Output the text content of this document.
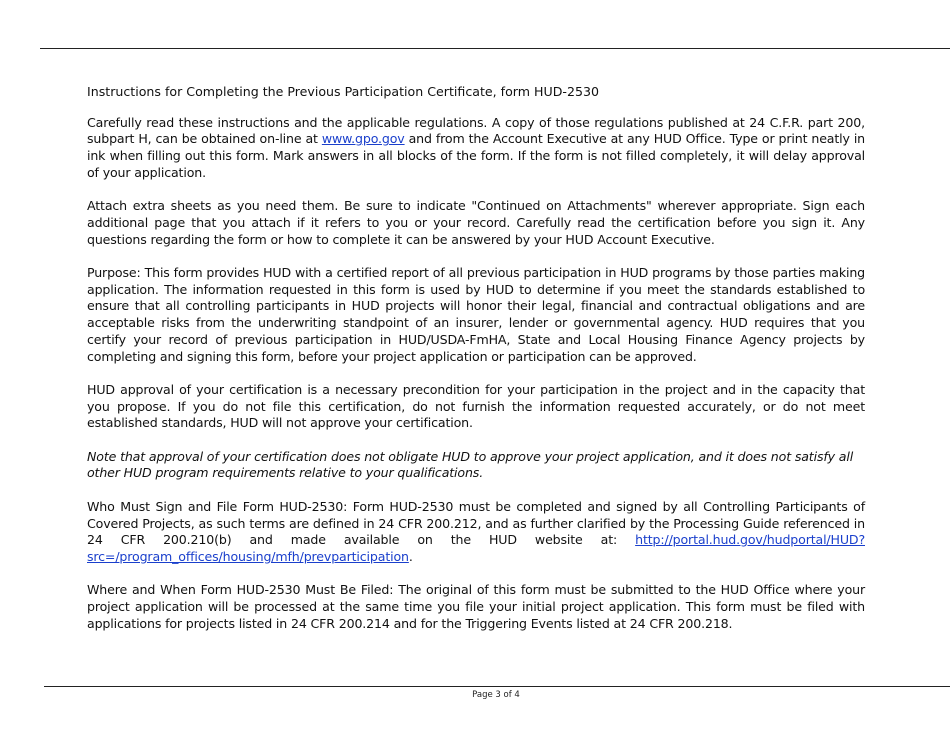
Instructions for Completing the Previous Participation Certificate, form HUD-2530

Carefully read these instructions and the applicable regulations. A copy of those regulations published at 24 C.F.R. part 200, subpart H, can be obtained on-line at www.gpo.gov and from the Account Executive at any HUD Office. Type or print neatly in ink when filling out this form. Mark answers in all blocks of the form. If the form is not filled completely, it will delay approval of your application.

Attach extra sheets as you need them. Be sure to indicate "Continued on Attachments" wherever appropriate. Sign each additional page that you attach if it refers to you or your record. Carefully read the certification before you sign it. Any questions regarding the form or how to complete it can be answered by your HUD Account Executive.

Purpose: This form provides HUD with a certified report of all previous participation in HUD programs by those parties making application. The information requested in this form is used by HUD to determine if you meet the standards established to ensure that all controlling participants in HUD projects will honor their legal, financial and contractual obligations and are acceptable risks from the underwriting standpoint of an insurer, lender or governmental agency. HUD requires that you certify your record of previous participation in HUD/USDA-FmHA, State and Local Housing Finance Agency projects by completing and signing this form, before your project application or participation can be approved.

HUD approval of your certification is a necessary precondition for your participation in the project and in the capacity that you propose. If you do not file this certification, do not furnish the information requested accurately, or do not meet established standards, HUD will not approve your certification.

Note that approval of your certification does not obligate HUD to approve your project application, and it does not satisfy all other HUD program requirements relative to your qualifications.

Who Must Sign and File Form HUD-2530: Form HUD-2530 must be completed and signed by all Controlling Participants of Covered Projects, as such terms are defined in 24 CFR 200.212, and as further clarified by the Processing Guide referenced in 24 CFR 200.210(b) and made available on the HUD website at: http://portal.hud.gov/hudportal/HUD?src=/program_offices/housing/mfh/prevparticipation.

Where and When Form HUD-2530 Must Be Filed: The original of this form must be submitted to the HUD Office where your project application will be processed at the same time you file your initial project application. This form must be filed with applications for projects listed in 24 CFR 200.214 and for the Triggering Events listed at 24 CFR 200.218.

Page 3 of 4
